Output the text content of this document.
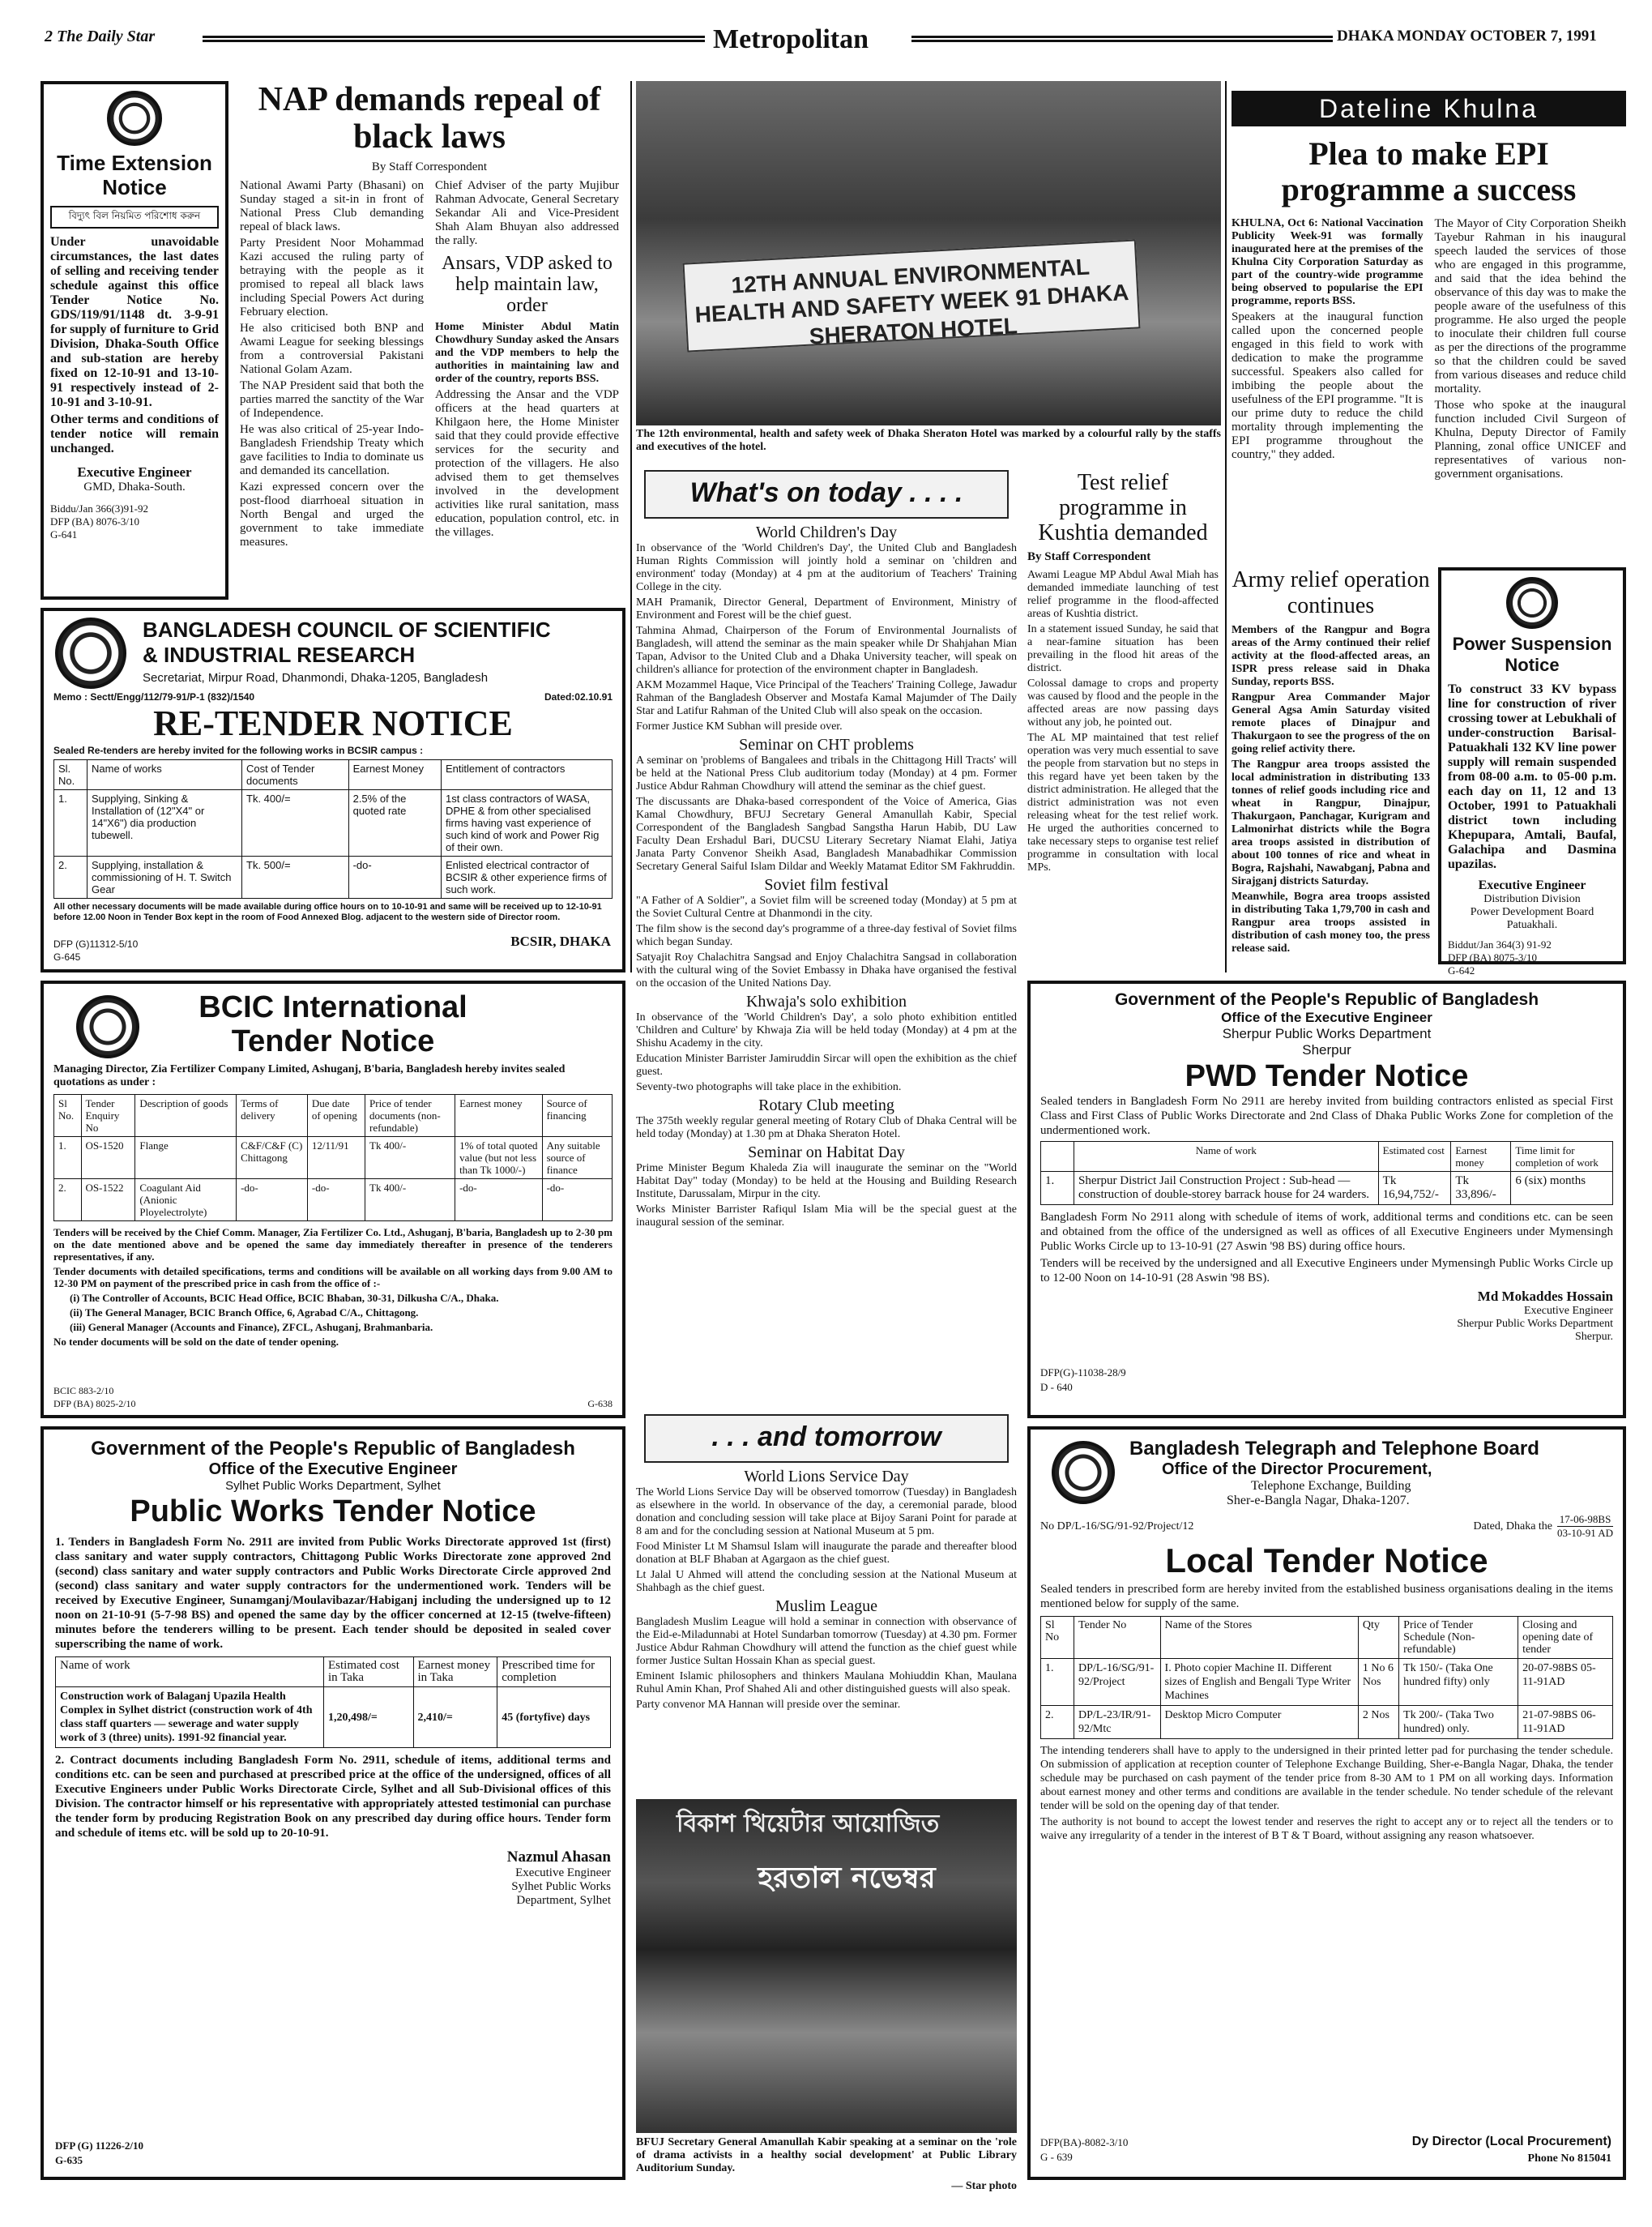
2 The Daily Star	Metropolitan	DHAKA MONDAY OCTOBER 7, 1991
Time Extension Notice
বিদ্যুৎ বিল নিয়মিত পরিশোধ করুন

Under unavoidable circumstances, the last dates of selling and receiving tender schedule against this office Tender Notice No. GDS/119/91/1148 dt. 3-9-91 for supply of furniture to Grid Division, Dhaka-South Office and sub-station are hereby fixed on 12-10-91 and 13-10-91 respectively instead of 2-10-91 and 3-10-91.

Other terms and conditions of tender notice will remain unchanged.

Executive Engineer
GMD, Dhaka-South.
Biddu/Jan 366(3)91-92
DFP (BA) 8076-3/10
G-641
NAP demands repeal of black laws
By Staff Correspondent

National Awami Party (Bhasani) on Sunday staged a sit-in in front of National Press Club demanding repeal of black laws.

Party President Noor Mohammad Kazi accused the ruling party of betraying with the people as it promised to repeal all black laws including Special Powers Act during February election.

He also criticised both BNP and Awami League for seeking blessings from a controversial Pakistani National Golam Azam.

The NAP President said that both the parties marred the sanctity of the War of Independence.

He was also critical of 25-year Indo-Bangladesh Friendship Treaty which gave facilities to India to dominate us and demanded its cancellation.

Kazi expressed concern over the post-flood diarrhoeal situation in North Bengal and urged the government to take immediate measures.

Chief Adviser of the party Mujibur Rahman Advocate, General Secretary Sekandar Ali and Vice-President Shah Alam Bhuyan also addressed the rally.

Ansars, VDP asked to help maintain law, order

Home Minister Abdul Matin Chowdhury Sunday asked the Ansars and the VDP members to help the authorities in maintaining law and order of the country, reports BSS.

Addressing the Ansar and the VDP officers at the head quarters at Khilgaon here, the Home Minister said that they could provide effective services for the security and protection of the villagers. He also advised them to get themselves involved in the development activities like rural sanitation, mass education, population control, etc. in the villages.

12TH ANNUAL ENVIRONMENTAL HEALTH AND SAFETY WEEK 91 DHAKA SHERATON HOTEL
The 12th environmental, health and safety week of Dhaka Sheraton Hotel was marked by a colourful rally by the staffs and executives of the hotel.
Dateline Khulna
Plea to make EPI programme a success

KHULNA, Oct 6: National Vaccination Publicity Week-91 was formally inaugurated here at the premises of the Khulna City Corporation Saturday as part of the country-wide programme being observed to popularise the EPI programme, reports BSS.

Speakers at the inaugural function called upon the concerned people engaged in this field to work with dedication to make the programme successful. Speakers also called for imbibing the people about the usefulness of the EPI programme. "It is our prime duty to reduce the child mortality through implementing the EPI programme throughout the country," they added.

The Mayor of City Corporation Sheikh Tayebur Rahman in his inaugural speech lauded the services of those who are engaged in this programme, and said that the idea behind the observance of this day was to make the people aware of the usefulness of this programme. He also urged the people to inoculate their children full course as per the directions of the programme so that the children could be saved from various diseases and reduce child mortality.

Those who spoke at the inaugural function included Civil Surgeon of Khulna, Deputy Director of Family Planning, zonal office UNICEF and representatives of various non-government organisations.

BANGLADESH COUNCIL OF SCIENTIFIC
& INDUSTRIAL RESEARCH
Secretariat, Mirpur Road, Dhanmondi, Dhaka-1205, Bangladesh
Memo : Sectt/Engg/112/79-91/P-1 (832)/1540	Dated:02.10.91
RE-TENDER NOTICE
Sealed Re-tenders are hereby invited for the following works in BCSIR campus :
Sl. No.	Name of works	Cost of Tender documents	Earnest Money	Entitlement of contractors
1.	Supplying, Sinking & Installation of (12"X4" or 14"X6") dia production tubewell.	Tk. 400/=	2.5% of the quoted rate	1st class contractors of WASA, DPHE & from other specialised firms having vast experience of such kind of work and Power Rig of their own.
2.	Supplying, installation & commissioning of H. T. Switch Gear	Tk. 500/=	-do-	Enlisted electrical contractor of BCSIR & other experience firms of such work.
All other necessary documents will be made available during office hours on to 10-10-91 and same will be received up to 12-10-91 before 12.00 Noon in Tender Box kept in the room of Food Annexed Blog. adjacent to the western side of Director room.
DFP (G)11312-5/10
G-645
BCSIR, DHAKA
What's on today . . . .
World Children's Day

In observance of the 'World Children's Day', the United Club and Bangladesh Human Rights Commission will jointly hold a seminar on 'children and environment' today (Monday) at 4 pm at the auditorium of Teachers' Training College in the city.

MAH Pramanik, Director General, Department of Environment, Ministry of Environment and Forest will be the chief guest.

Tahmina Ahmad, Chairperson of the Forum of Environmental Journalists of Bangladesh, will attend the seminar as the main speaker while Dr Shahjahan Mian Tapan, Advisor to the United Club and a Dhaka University teacher, will speak on children's alliance for protection of the environment chapter in Bangladesh.

AKM Mozammel Haque, Vice Principal of the Teachers' Training College, Jawadur Rahman of the Bangladesh Observer and Mostafa Kamal Majumder of The Daily Star and Latifur Rahman of the United Club will also speak on the occasion.

Former Justice KM Subhan will preside over.

Seminar on CHT problems

A seminar on 'problems of Bangalees and tribals in the Chittagong Hill Tracts' will be held at the National Press Club auditorium today (Monday) at 4 pm. Former Justice Abdur Rahman Chowdhury will attend the seminar as the chief guest.

The discussants are Dhaka-based correspondent of the Voice of America, Gias Kamal Chowdhury, BFUJ Secretary General Amanullah Kabir, Special Correspondent of the Bangladesh Sangbad Sangstha Harun Habib, DU Law Faculty Dean Ershadul Bari, DUCSU Literary Secretary Niamat Elahi, Jatiya Janata Party Convenor Sheikh Asad, Bangladesh Manabadhikar Commission Secretary General Saiful Islam Dildar and Weekly Matamat Editor SM Fakhruddin.

Soviet film festival

"A Father of A Soldier", a Soviet film will be screened today (Monday) at 5 pm at the Soviet Cultural Centre at Dhanmondi in the city.

The film show is the second day's programme of a three-day festival of Soviet films which began Sunday.

Satyajit Roy Chalachitra Sangsad and Enjoy Chalachitra Sangsad in collaboration with the cultural wing of the Soviet Embassy in Dhaka have organised the festival on the occasion of the United Nations Day.

Khwaja's solo exhibition

In observance of the 'World Children's Day', a solo photo exhibition entitled 'Children and Culture' by Khwaja Zia will be held today (Monday) at 4 pm at the Shishu Academy in the city.

Education Minister Barrister Jamiruddin Sircar will open the exhibition as the chief guest.

Seventy-two photographs will take place in the exhibition.

Rotary Club meeting

The 375th weekly regular general meeting of Rotary Club of Dhaka Central will be held today (Monday) at 1.30 pm at Dhaka Sheraton Hotel.

Seminar on Habitat Day

Prime Minister Begum Khaleda Zia will inaugurate the seminar on the "World Habitat Day" today (Monday) to be held at the Housing and Building Research Institute, Darussalam, Mirpur in the city.

Works Minister Barrister Rafiqul Islam Mia will be the special guest at the inaugural session of the seminar.

Test relief programme in Kushtia demanded
By Staff Correspondent

Awami League MP Abdul Awal Miah has demanded immediate launching of test relief programme in the flood-affected areas of Kushtia district.

In a statement issued Sunday, he said that a near-famine situation has been prevailing in the flood hit areas of the district.

Colossal damage to crops and property was caused by flood and the people in the affected areas are now passing days without any job, he pointed out.

The AL MP maintained that test relief operation was very much essential to save the people from starvation but no steps in this regard have yet been taken by the district administration. He alleged that the district administration was not even releasing wheat for the test relief work. He urged the authorities concerned to take necessary steps to organise test relief programme in consultation with local MPs.

Army relief operation continues

Members of the Rangpur and Bogra areas of the Army continued their relief activity at the flood-affected areas, an ISPR press release said in Dhaka Sunday, reports BSS.

Rangpur Area Commander Major General Agsa Amin Saturday visited remote places of Dinajpur and Thakurgaon to see the progress of the on going relief activity there.

The Rangpur area troops assisted the local administration in distributing 133 tonnes of relief goods including rice and wheat in Rangpur, Dinajpur, Thakurgaon, Panchagar, Kurigram and Lalmonirhat districts while the Bogra area troops assisted in distribution of about 100 tonnes of rice and wheat in Bogra, Rajshahi, Nawabganj, Pabna and Sirajganj districts Saturday.

Meanwhile, Bogra area troops assisted in distributing Taka 1,79,700 in cash and Rangpur area troops assisted in distribution of cash money too, the press release said.

Power Suspension Notice

To construct 33 KV bypass line for construction of river crossing tower at Lebukhali of under-construction Barisal-Patuakhali 132 KV line power supply will remain suspended from 08-00 a.m. to 05-00 p.m. each day on 11, 12 and 13 October, 1991 to Patuakhali district town including Khepupara, Amtali, Baufal, Galachipa and Dasmina upazilas.

Executive Engineer
Distribution Division
Power Development Board
Patuakhali.
Biddut/Jan 364(3) 91-92
DFP (BA) 8075-3/10
G-642
BCIC International
Tender Notice
Managing Director, Zia Fertilizer Company Limited, Ashuganj, B'baria, Bangladesh hereby invites sealed quotations as under :
Sl No.	Tender Enquiry No	Description of goods	Terms of delivery	Due date of opening	Price of tender documents (non-refundable)	Earnest money	Source of financing
1.	OS-1520	Flange	C&F/C&F (C) Chittagong	12/11/91	Tk 400/-	1% of total quoted value (but not less than Tk 1000/-)	Any suitable source of finance
2.	OS-1522	Coagulant Aid (Anionic Ployelectrolyte)	-do-	-do-	Tk 400/-	-do-	-do-

Tenders will be received by the Chief Comm. Manager, Zia Fertilizer Co. Ltd., Ashuganj, B'baria, Bangladesh up to 2-30 pm on the date mentioned above and be opened the same day immediately thereafter in presence of the tenderers representatives, if any.

Tender documents with detailed specifications, terms and conditions will be available on all working days from 9.00 AM to 12-30 PM on payment of the prescribed price in cash from the office of :-

(i) The Controller of Accounts, BCIC Head Office, BCIC Bhaban, 30-31, Dilkusha C/A., Dhaka.

(ii) The General Manager, BCIC Branch Office, 6, Agrabad C/A., Chittagong.

(iii) General Manager (Accounts and Finance), ZFCL, Ashuganj, Brahmanbaria.

No tender documents will be sold on the date of tender opening.

BCIC 883-2/10
DFP (BA) 8025-2/10	G-638
Government of the People's Republic of Bangladesh
Office of the Executive Engineer
Sherpur Public Works Department
Sherpur
PWD Tender Notice

Sealed tenders in Bangladesh Form No 2911 are hereby invited from building contractors enlisted as special First Class and First Class of Public Works Directorate and 2nd Class of Dhaka Public Works Zone for completion of the undermentioned work.

	Name of work	Estimated cost	Earnest money	Time limit for completion of work
1.	Sherpur District Jail Construction Project : Sub-head —construction of double-storey barrack house for 24 warders.	Tk 16,94,752/-	Tk 33,896/-	6 (six) months

Bangladesh Form No 2911 along with schedule of items of work, additional terms and conditions etc. can be seen and obtained from the office of the undersigned as well as offices of all Executive Engineers under Mymensingh Public Works Circle up to 13-10-91 (27 Aswin '98 BS) during office hours.

Tenders will be received by the undersigned and all Executive Engineers under Mymensingh Public Works Circle up to 12-00 Noon on 14-10-91 (28 Aswin '98 BS).

Md Mokaddes Hossain
Executive Engineer
Sherpur Public Works Department
Sherpur.
DFP(G)-11038-28/9
D - 640
. . . and tomorrow
World Lions Service Day

The World Lions Service Day will be observed tomorrow (Tuesday) in Bangladesh as elsewhere in the world. In observance of the day, a ceremonial parade, blood donation and concluding session will take place at Bijoy Sarani Point for parade at 8 am and for the concluding session at National Museum at 5 pm.

Food Minister Lt M Shamsul Islam will inaugurate the parade and thereafter blood donation at BLF Bhaban at Agargaon as the chief guest.

Lt Jalal U Ahmed will attend the concluding session at the National Museum at Shahbagh as the chief guest.

Muslim League

Bangladesh Muslim League will hold a seminar in connection with observance of the Eid-e-Miladunnabi at Hotel Sundarban tomorrow (Tuesday) at 4.30 pm. Former Justice Abdur Rahman Chowdhury will attend the function as the chief guest while former Justice Sultan Hossain Khan as special guest.

Eminent Islamic philosophers and thinkers Maulana Mohiuddin Khan, Maulana Ruhul Amin Khan, Prof Shahed Ali and other distinguished guests will also speak.

Party convenor MA Hannan will preside over the seminar.

Government of the People's Republic of Bangladesh
Office of the Executive Engineer
Sylhet Public Works Department, Sylhet
Public Works Tender Notice

1. Tenders in Bangladesh Form No. 2911 are invited from Public Works Directorate approved 1st (first) class sanitary and water supply contractors, Chittagong Public Works Directorate zone approved 2nd (second) class sanitary and water supply contractors and Public Works Directorate Circle approved 2nd (second) class sanitary and water supply contractors for the undermentioned work. Tenders will be received by Executive Engineer, Sunamganj/Moulavibazar/Habiganj including the undersigned up to 12 noon on 21-10-91 (5-7-98 BS) and opened the same day by the officer concerned at 12-15 (twelve-fifteen) minutes before the tenderers willing to be present. Each tender should be deposited in sealed cover superscribing the name of work.

Name of work	Estimated cost in Taka	Earnest money in Taka	Prescribed time for completion
Construction work of Balaganj Upazila Health Complex in Sylhet district (construction work of 4th class staff quarters — sewerage and water supply work of 3 (three) units). 1991-92 financial year.	1,20,498/=	2,410/=	45 (fortyfive) days

2. Contract documents including Bangladesh Form No. 2911, schedule of items, additional terms and conditions etc. can be seen and purchased at prescribed price at the office of the undersigned, offices of all Executive Engineers under Public Works Directorate Circle, Sylhet and all Sub-Divisional offices of this Division. The contractor himself or his representative with appropriately attested testimonial can purchase the tender form by producing Registration Book on any prescribed day during office hours. Tender form and schedule of items etc. will be sold up to 20-10-91.

Nazmul Ahasan
Executive Engineer
Sylhet Public Works
Department, Sylhet
DFP (G) 11226-2/10
G-635
বিকাশ থিয়েটার আয়োজিত
হরতাল নভেম্বর
BFUJ Secretary General Amanullah Kabir speaking at a seminar on the 'role of drama activists in a healthy social development' at Public Library Auditorium Sunday.
— Star photo
Bangladesh Telegraph and Telephone Board
Office of the Director Procurement,
Telephone Exchange, Building
Sher-e-Bangla Nagar, Dhaka-1207.
No DP/L-16/SG/91-92/Project/12	Dated, Dhaka the
17-06-98BS
03-10-91 AD
Local Tender Notice

Sealed tenders in prescribed form are hereby invited from the established business organisations dealing in the items mentioned below for supply of the same.

Sl No	Tender No	Name of the Stores	Qty	Price of Tender Schedule (Non-refundable)	Closing and opening date of tender
1.	DP/L-16/SG/91-92/Project	I. Photo copier Machine II. Different sizes of English and Bengali Type Writer Machines	1 No 6 Nos	Tk 150/- (Taka One hundred fifty) only	20-07-98BS 05-11-91AD
2.	DP/L-23/IR/91-92/Mtc	Desktop Micro Computer	2 Nos	Tk 200/- (Taka Two hundred) only.	21-07-98BS 06-11-91AD

The intending tenderers shall have to apply to the undersigned in their printed letter pad for purchasing the tender schedule. On submission of application at reception counter of Telephone Exchange Building, Sher-e-Bangla Nagar, Dhaka, the tender schedule may be purchased on cash payment of the tender price from 8-30 AM to 1 PM on all working days. Information about earnest money and other terms and conditions are available in the tender schedule. No tender schedule of the relevant tender will be sold on the opening day of that tender.

The authority is not bound to accept the lowest tender and reserves the right to accept any or to reject all the tenders or to waive any irregularity of a tender in the interest of B T & T Board, without assigning any reason whatsoever.

DFP(BA)-8082-3/10
G - 639
Dy Director (Local Procurement)
Phone No 815041
